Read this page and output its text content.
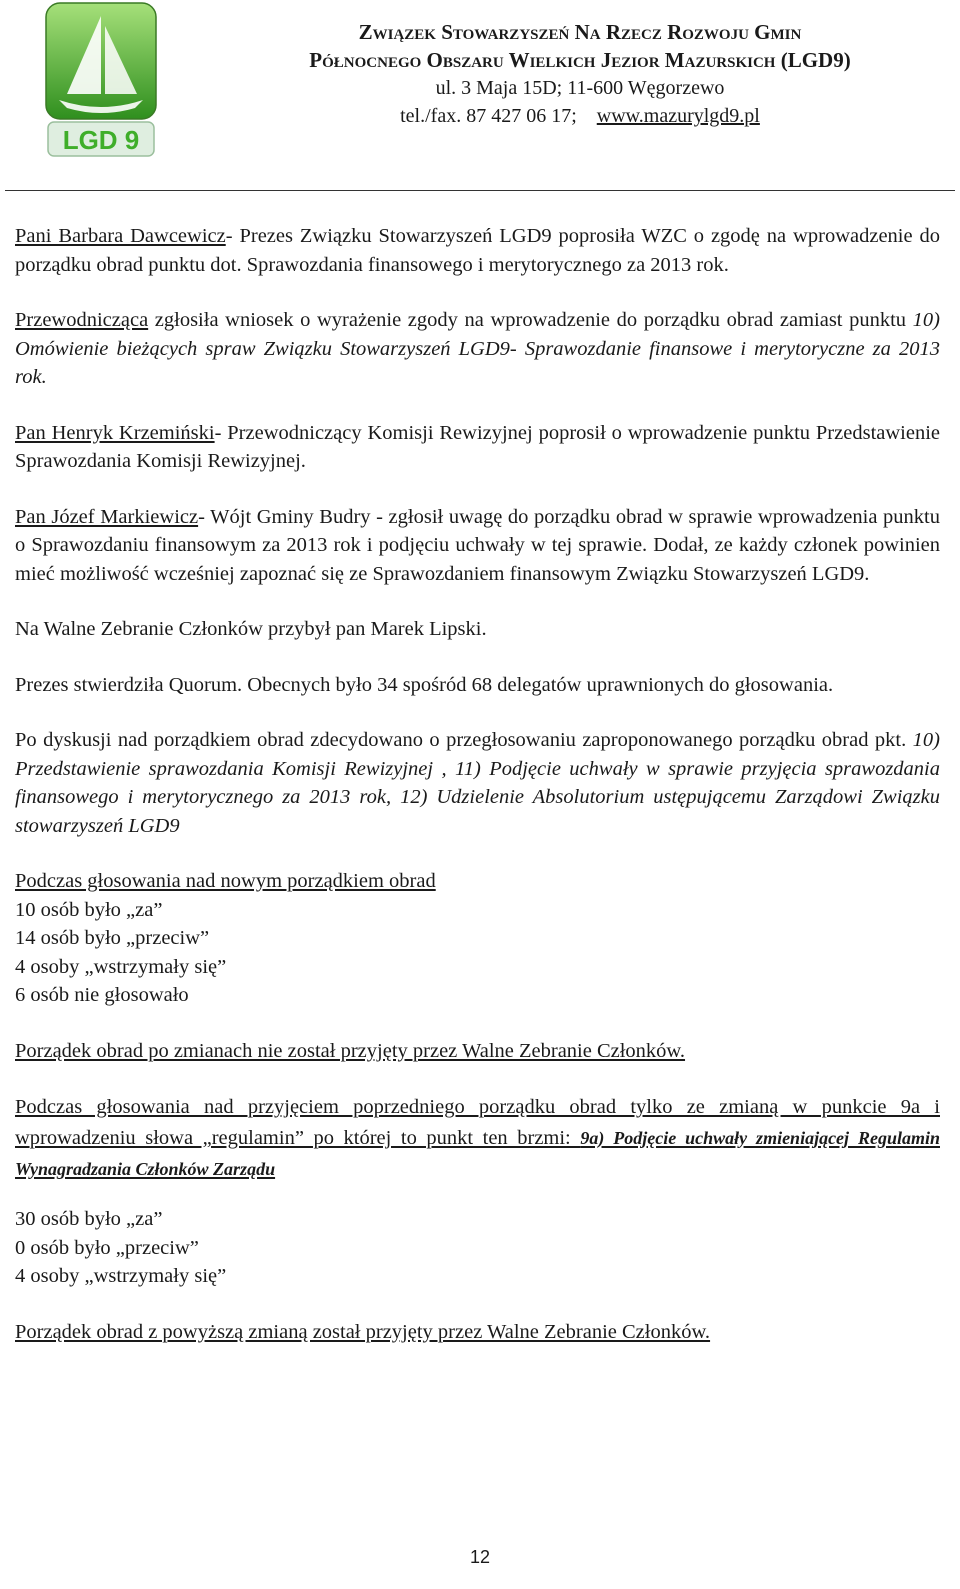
LGD 9
Związek Stowarzyszeń Na Rzecz Rozwoju Gmin
Północnego Obszaru Wielkich Jezior Mazurskich (LGD9)
ul. 3 Maja 15D; 11-600 Węgorzewo
tel./fax. 87 427 06 17; www.mazurylgd9.pl

Pani Barbara Dawcewicz- Prezes Związku Stowarzyszeń LGD9 poprosiła WZC o zgodę na wprowadzenie do porządku obrad punktu dot. Sprawozdania finansowego i merytorycznego za 2013 rok.

Przewodnicząca zgłosiła wniosek o wyrażenie zgody na wprowadzenie do porządku obrad zamiast punktu 10) Omówienie bieżących spraw Związku Stowarzyszeń LGD9- Sprawozdanie finansowe i merytoryczne za 2013 rok.

Pan Henryk Krzemiński- Przewodniczący Komisji Rewizyjnej poprosił o wprowadzenie punktu Przedstawienie Sprawozdania Komisji Rewizyjnej.

Pan Józef Markiewicz- Wójt Gminy Budry - zgłosił uwagę do porządku obrad w sprawie wprowadzenia punktu o Sprawozdaniu finansowym za 2013 rok i podjęciu uchwały w tej sprawie. Dodał, ze każdy członek powinien mieć możliwość wcześniej zapoznać się ze Sprawozdaniem finansowym Związku Stowarzyszeń LGD9.

Na Walne Zebranie Członków przybył pan Marek Lipski.

Prezes stwierdziła Quorum. Obecnych było 34 spośród 68 delegatów uprawnionych do głosowania.

Po dyskusji nad porządkiem obrad zdecydowano o przegłosowaniu zaproponowanego porządku obrad pkt. 10) Przedstawienie sprawozdania Komisji Rewizyjnej , 11) Podjęcie uchwały w sprawie przyjęcia sprawozdania finansowego i merytorycznego za 2013 rok, 12) Udzielenie Absolutorium ustępującemu Zarządowi Związku stowarzyszeń LGD9

Podczas głosowania nad nowym porządkiem obrad
10 osób było „za”
14 osób było „przeciw”
4 osoby „wstrzymały się”
6 osób nie głosowało

Porządek obrad po zmianach nie został przyjęty przez Walne Zebranie Członków.

Podczas głosowania nad przyjęciem poprzedniego porządku obrad tylko ze zmianą w punkcie 9a i wprowadzeniu słowa „regulamin” po której to punkt ten brzmi: 9a) Podjęcie uchwały zmieniającej Regulamin Wynagradzania Członków Zarządu

30 osób było „za”
0 osób było „przeciw”
4 osoby „wstrzymały się”

Porządek obrad z powyższą zmianą został przyjęty przez Walne Zebranie Członków.

12
